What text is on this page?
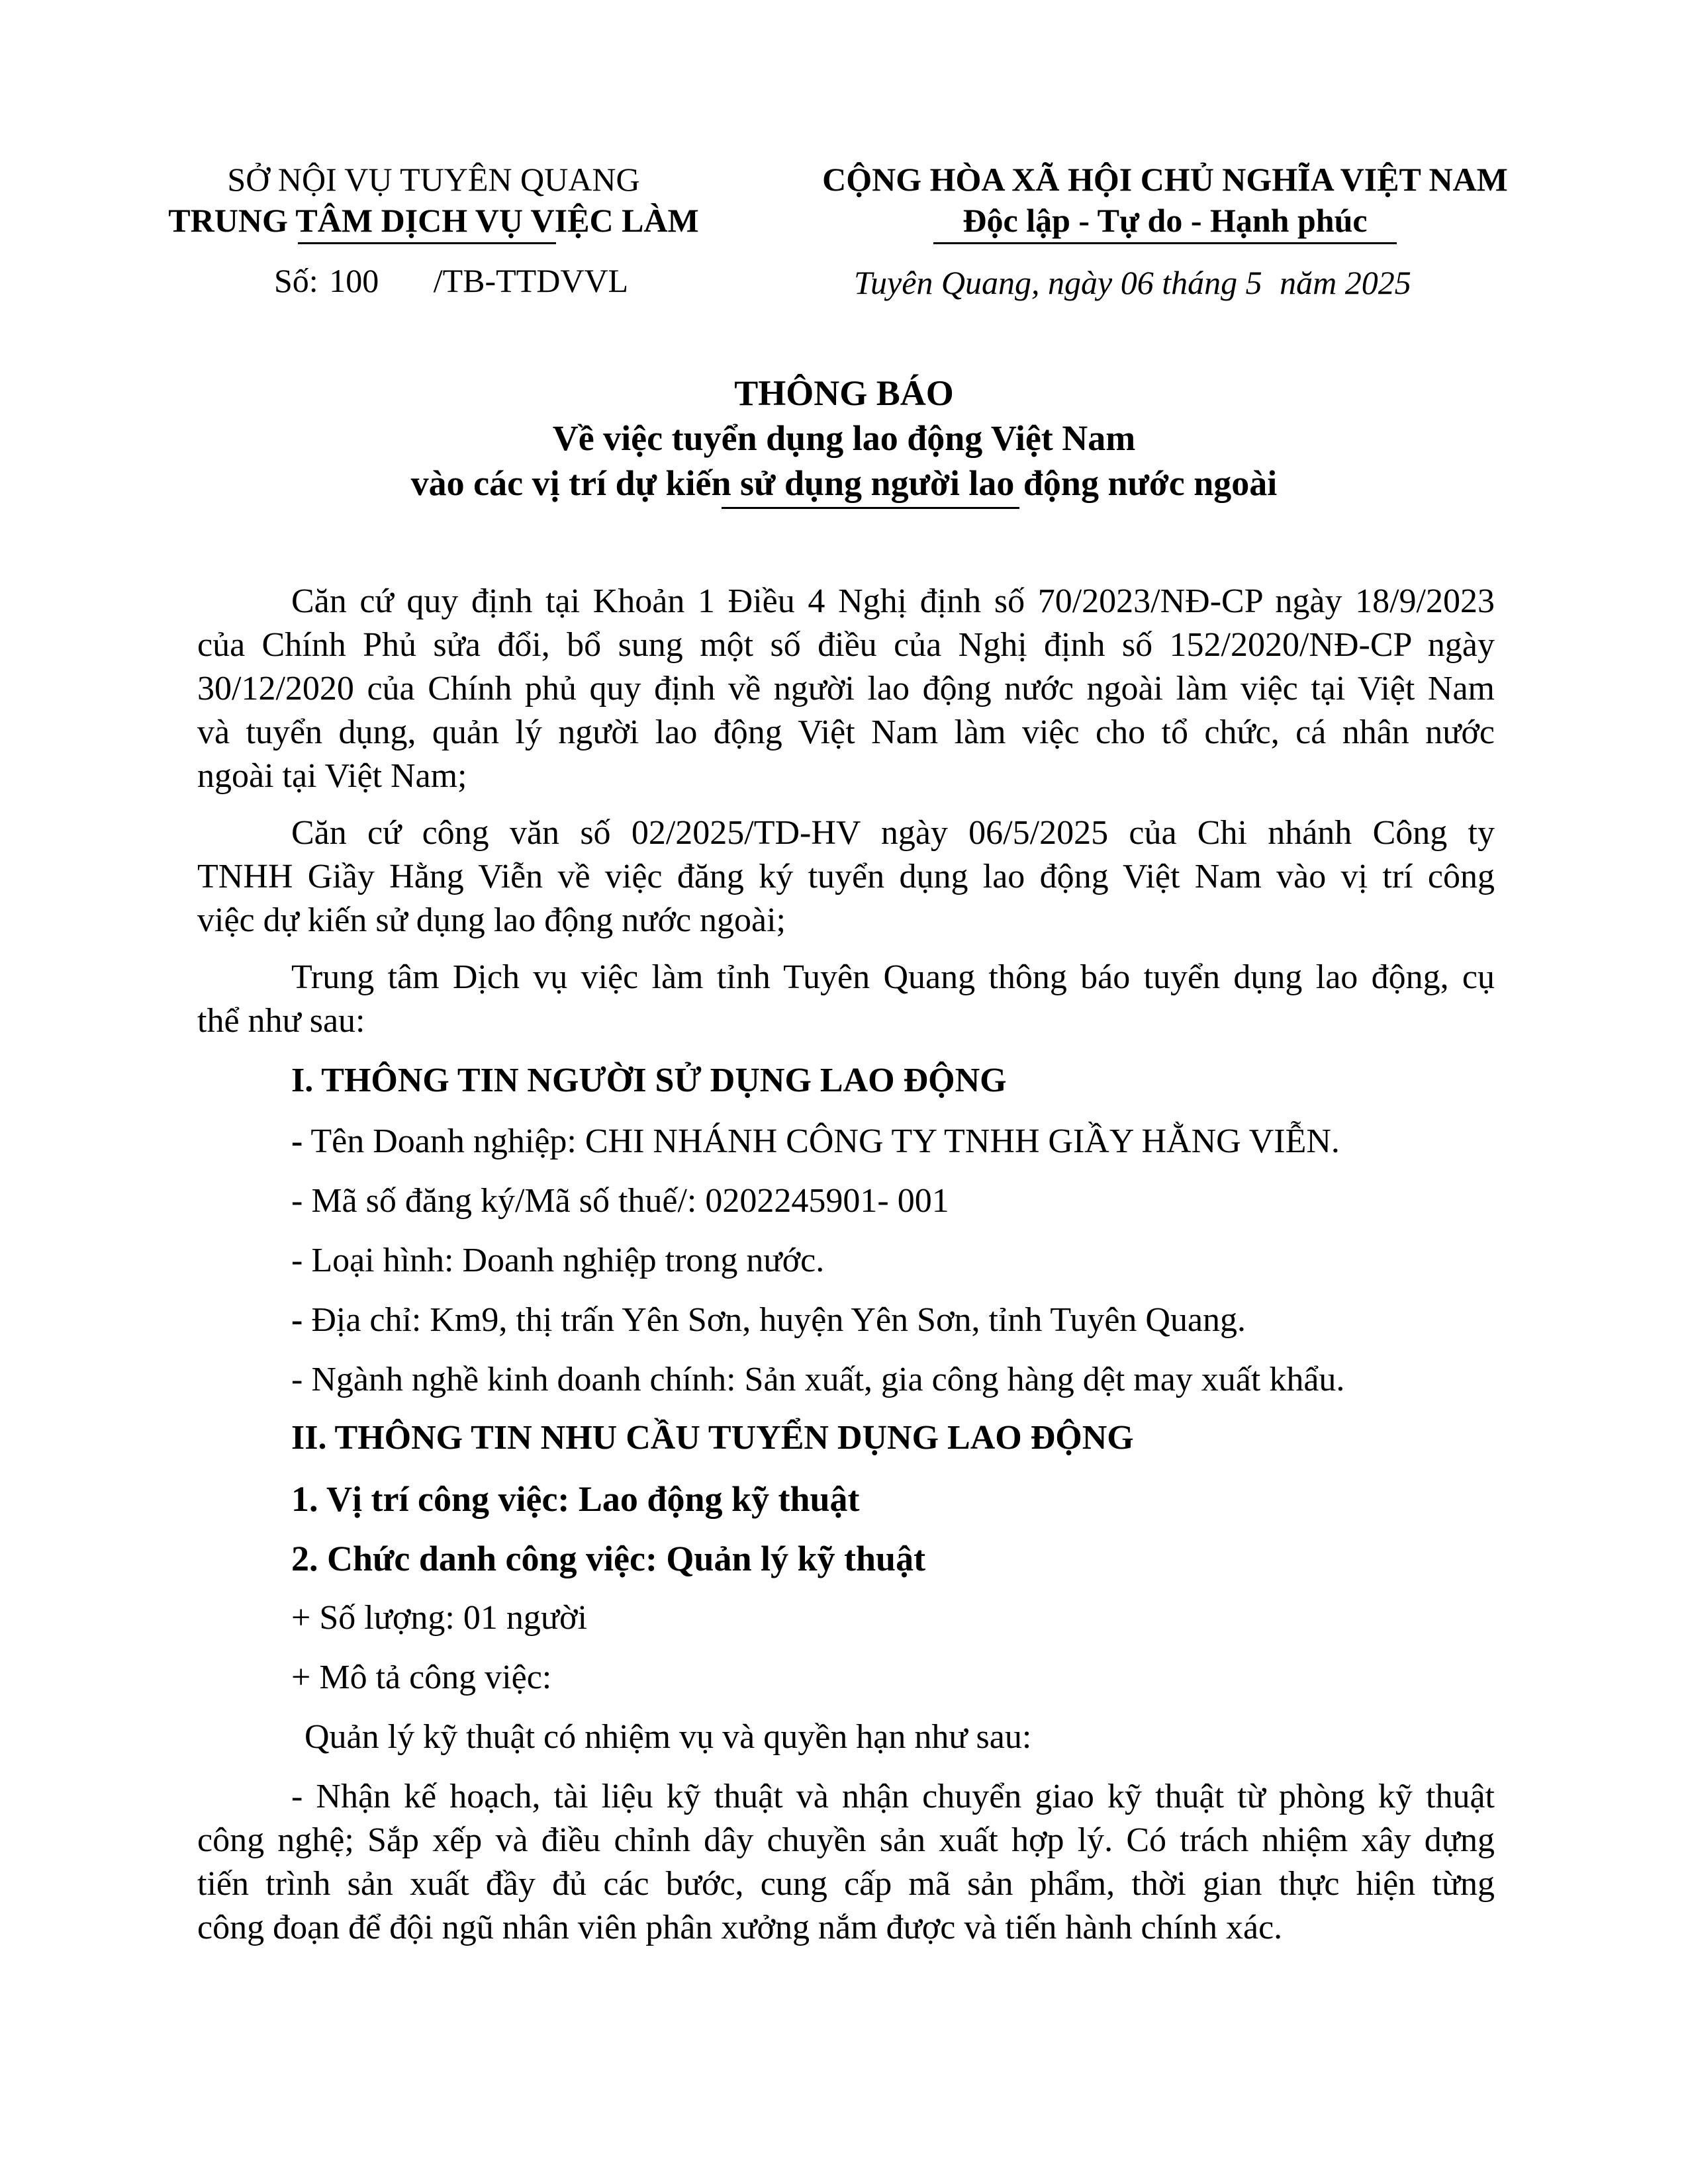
SỞ NỘI VỤ TUYÊN QUANG
TRUNG TÂM DỊCH VỤ VIỆC LÀM
Số: 100 /TB-TTDVVL
CỘNG HÒA XÃ HỘI CHỦ NGHĨA VIỆT NAM
Độc lập - Tự do - Hạnh phúc
Tuyên Quang, ngày 06 tháng 5 năm 2025
THÔNG BÁO
Về việc tuyển dụng lao động Việt Nam
vào các vị trí dự kiến sử dụng người lao động nước ngoài
Căn cứ quy định tại Khoản 1 Điều 4 Nghị định số 70/2023/NĐ-CP ngày 18/9/2023
của Chính Phủ sửa đổi, bổ sung một số điều của Nghị định số 152/2020/NĐ-CP ngày
30/12/2020 của Chính phủ quy định về người lao động nước ngoài làm việc tại Việt Nam
và tuyển dụng, quản lý người lao động Việt Nam làm việc cho tổ chức, cá nhân nước
ngoài tại Việt Nam;
Căn cứ công văn số 02/2025/TD-HV ngày 06/5/2025 của Chi nhánh Công ty
TNHH Giầy Hằng Viễn về việc đăng ký tuyển dụng lao động Việt Nam vào vị trí công
việc dự kiến sử dụng lao động nước ngoài;
Trung tâm Dịch vụ việc làm tỉnh Tuyên Quang thông báo tuyển dụng lao động, cụ
thể như sau:
I. THÔNG TIN NGƯỜI SỬ DỤNG LAO ĐỘNG
- Tên Doanh nghiệp: CHI NHÁNH CÔNG TY TNHH GIẦY HẰNG VIỄN.
- Mã số đăng ký/Mã số thuế/: 0202245901- 001
- Loại hình: Doanh nghiệp trong nước.
- Địa chỉ: Km9, thị trấn Yên Sơn, huyện Yên Sơn, tỉnh Tuyên Quang.
- Ngành nghề kinh doanh chính: Sản xuất, gia công hàng dệt may xuất khẩu.
II. THÔNG TIN NHU CẦU TUYỂN DỤNG LAO ĐỘNG
1. Vị trí công việc: Lao động kỹ thuật
2. Chức danh công việc: Quản lý kỹ thuật
+ Số lượng: 01 người
+ Mô tả công việc:
Quản lý kỹ thuật có nhiệm vụ và quyền hạn như sau:
- Nhận kế hoạch, tài liệu kỹ thuật và nhận chuyển giao kỹ thuật từ phòng kỹ thuật
công nghệ; Sắp xếp và điều chỉnh dây chuyền sản xuất hợp lý. Có trách nhiệm xây dựng
tiến trình sản xuất đầy đủ các bước, cung cấp mã sản phẩm, thời gian thực hiện từng
công đoạn để đội ngũ nhân viên phân xưởng nắm được và tiến hành chính xác.
